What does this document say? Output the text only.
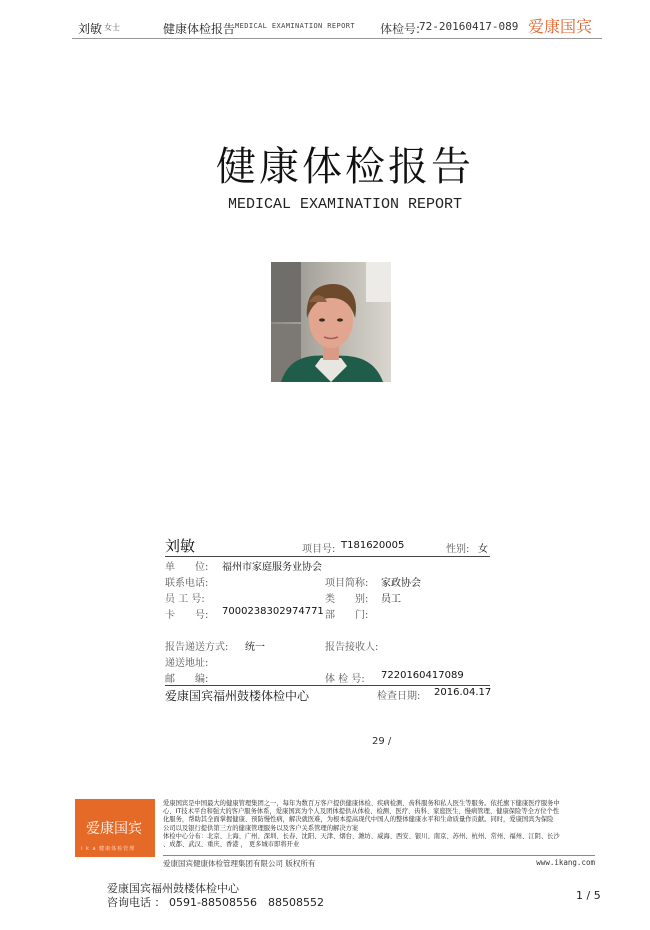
刘敏 女士	健康体检报告 MEDICAL EXAMINATION REPORT 体检号:
72-20160417-089 爱康国宾
健康体检报告
MEDICAL EXAMINATION REPORT
刘敏	项目号: T181620005	性别: 女
单　　位: 福州市家庭服务业协会
联系电话:	项目简称: 家政协会
员 工 号:	类　　别: 员工
卡　　号: 7000238302974771 部　　门:
报告递送方式: 统一	报告接收人:
递送地址:
邮　　编:	体 检 号: 7220160417089
爱康国宾福州鼓楼体检中心	检查日期: 2016.04.17
29 /
爱康国宾
i k a 健康体检管理
爱康国宾是中国最大的健康管理集团之一，每年为数百万客户提供健康体检、疾病检测、齿科服务和私人医生等服务。依托旗下健康医疗服务中
心、IT技术平台和强大的客户服务体系，爱康国宾为个人及团体提供从体检、检测、医疗、齿科、家庭医生、慢病管理、健康保险等全方位个性
化服务，帮助其全面掌握健康、预防慢性病，解决就医难，为根本提高现代中国人的整体健康水平和生命质量作贡献。同时，爱康国宾为保险
公司以及银行提供第三方的健康管理服务以及客户关系管理的解决方案
体检中心分布：北京、上海、广州、深圳、长春、沈阳、天津、烟台、潍坊、威海、西安、银川、南京、苏州、杭州、常州、福州、江阴、长沙
、成都、武汉、重庆、香港 ， 更多城市即将开业
爱康国宾健康体检管理集团有限公司 版权所有	www.ikang.com
爱康国宾福州鼓楼体检中心
咨询电话 ： 0591-88508556　88508552
1 / 5
